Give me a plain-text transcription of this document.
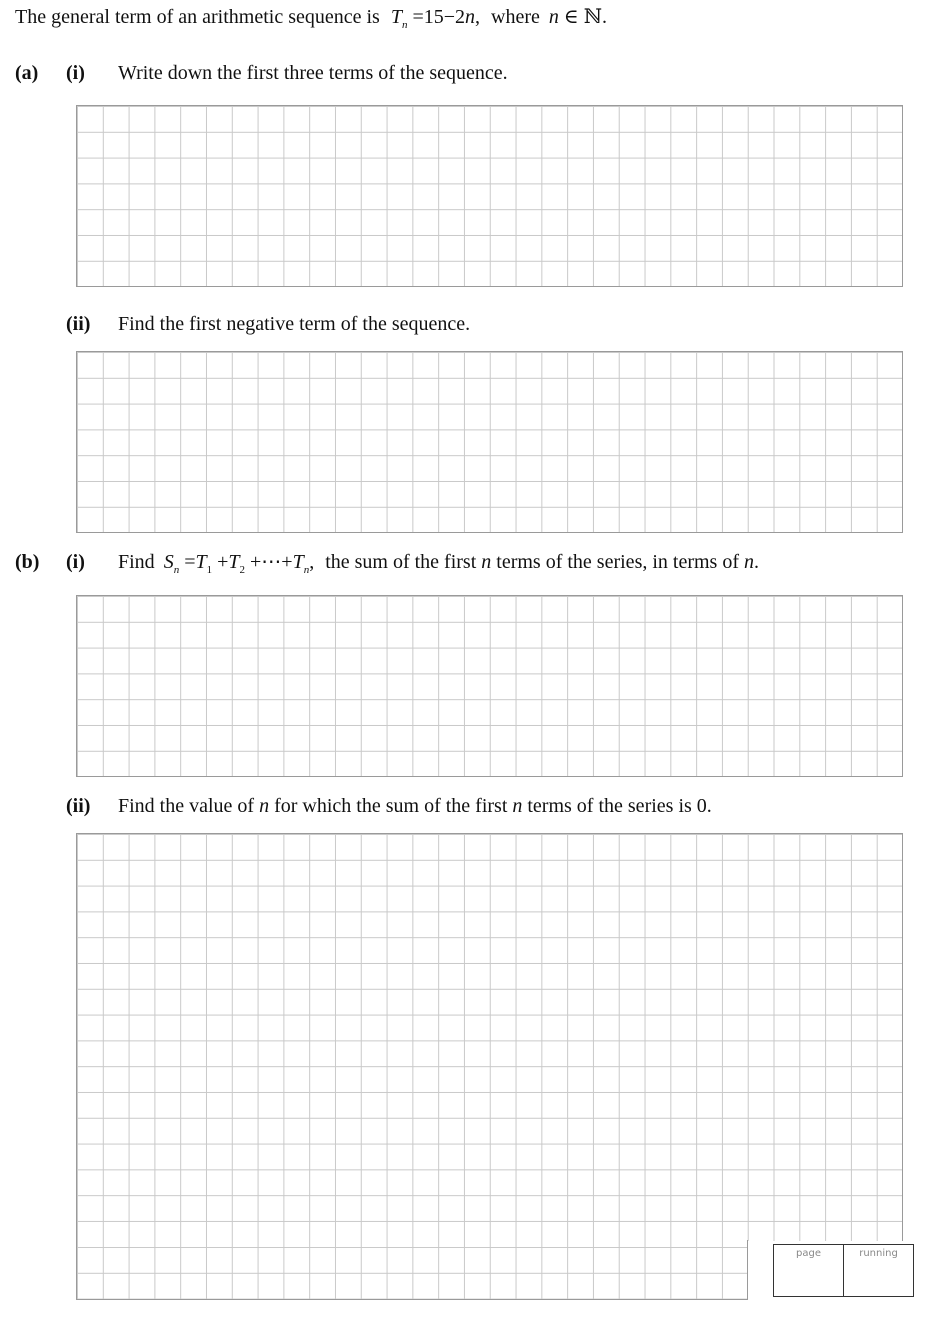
The general term of an arithmetic sequence is $T_n =15-2n$, where n ∈ ℕ.
(a) (i) Write down the first three terms of the sequence.
(ii) Find the first negative term of the sequence.
(b) (i) Find $S_n =T_1 +T_2$ $+\cdots+T_n$, the sum of the first n terms of the series, in terms of n.
(ii) Find the value of n for which the sum of the first n terms of the series is 0.
page	running
